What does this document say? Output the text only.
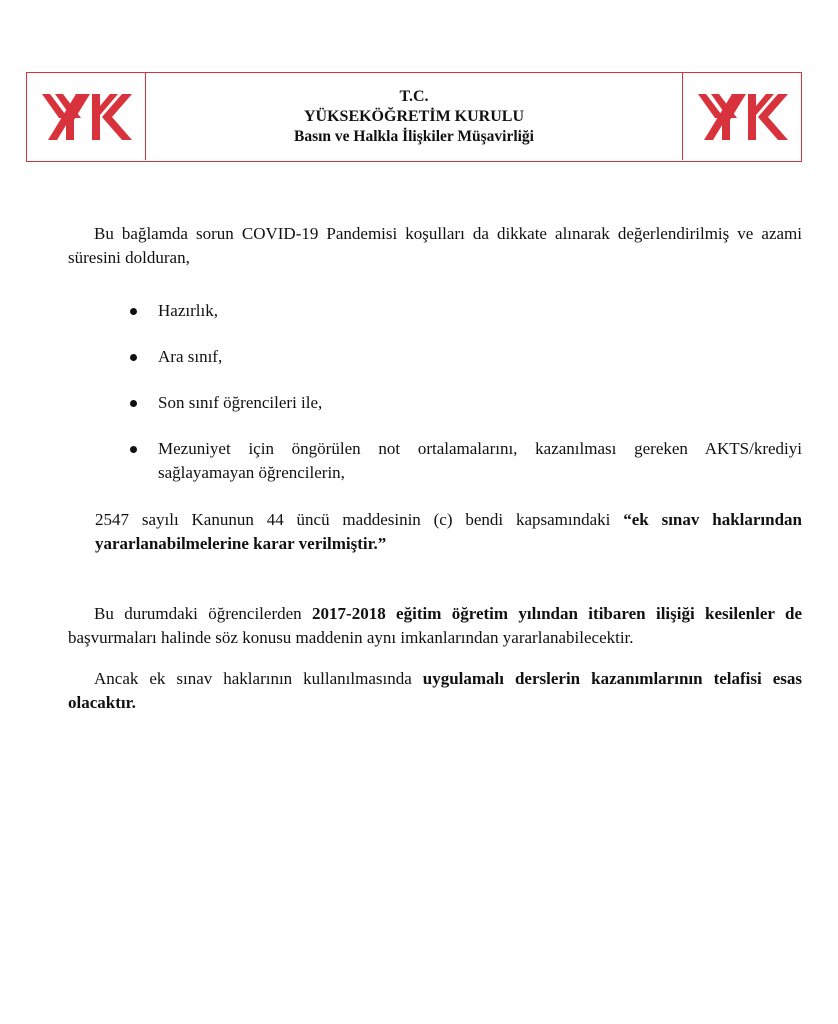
T.C.
YÜKSEKÖĞRETİM KURULU
Basın ve Halkla İlişkiler Müşavirliği

Bu bağlamda sorun COVID-19 Pandemisi koşulları da dikkate alınarak değerlendirilmiş ve azami süresini dolduran,

Hazırlık,
Ara sınıf,
Son sınıf öğrencileri ile,
Mezuniyet için öngörülen not ortalamalarını, kazanılması gereken AKTS/krediyi sağlayamayan öğrencilerin,

2547 sayılı Kanunun 44 üncü maddesinin (c) bendi kapsamındaki “ek sınav haklarından yararlanabilmelerine karar verilmiştir.”

Bu durumdaki öğrencilerden 2017-2018 eğitim öğretim yılından itibaren ilişiği kesilenler de başvurmaları halinde söz konusu maddenin aynı imkanlarından yararlanabilecektir.

Ancak ek sınav haklarının kullanılmasında uygulamalı derslerin kazanımlarının telafisi esas olacaktır.
